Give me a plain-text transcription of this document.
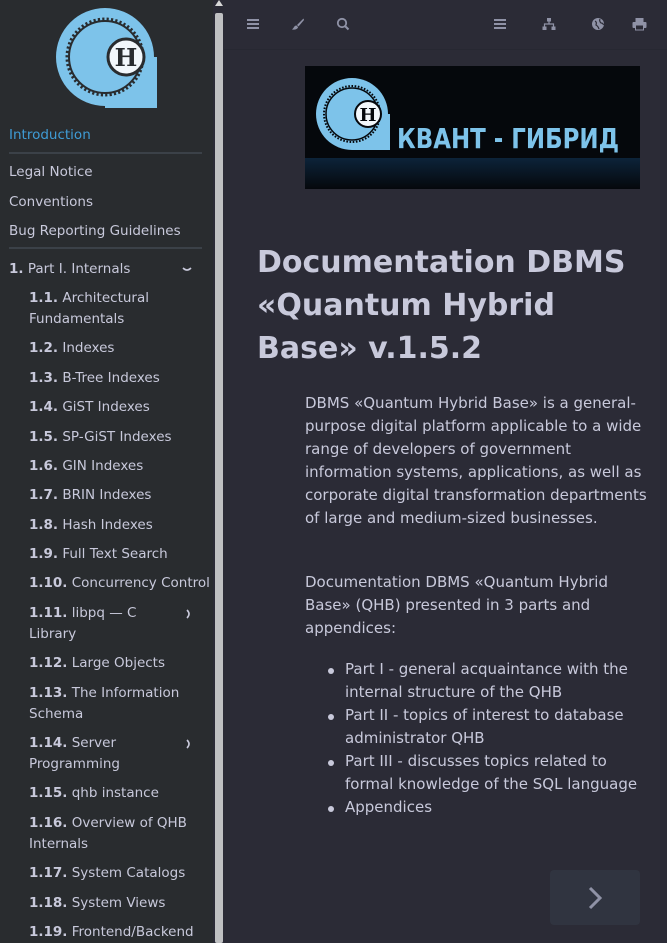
H
Introduction
Legal Notice
Conventions
Bug Reporting Guidelines
1. Part I. Internals
1.1. Architectural
Fundamentals
1.2. Indexes
1.3. B-Tree Indexes
1.4. GiST Indexes
1.5. SP-GiST Indexes
1.6. GIN Indexes
1.7. BRIN Indexes
1.8. Hash Indexes
1.9. Full Text Search
1.10. Concurrency Control
1.11. libpq — C
Library
1.12. Large Objects
1.13. The Information
Schema
1.14. Server
Programming
1.15. qhb instance
1.16. Overview of QHB
Internals
1.17. System Catalogs
1.18. System Views
1.19. Frontend/Backend
H
КВАНТ - ГИБРИД
Documentation DBMS «Quantum Hybrid Base» v.1.5.2

DBMS «Quantum Hybrid Base» is a general-purpose digital platform applicable to a wide range of developers of government information systems, applications, as well as corporate digital transformation departments of large and medium-sized businesses.

Documentation DBMS «Quantum Hybrid Base» (QHB) presented in 3 parts and appendices:

Part I - general acquaintance with the internal structure of the QHB
Part II - topics of interest to database administrator QHB
Part III - discusses topics related to formal knowledge of the SQL language
Appendices
